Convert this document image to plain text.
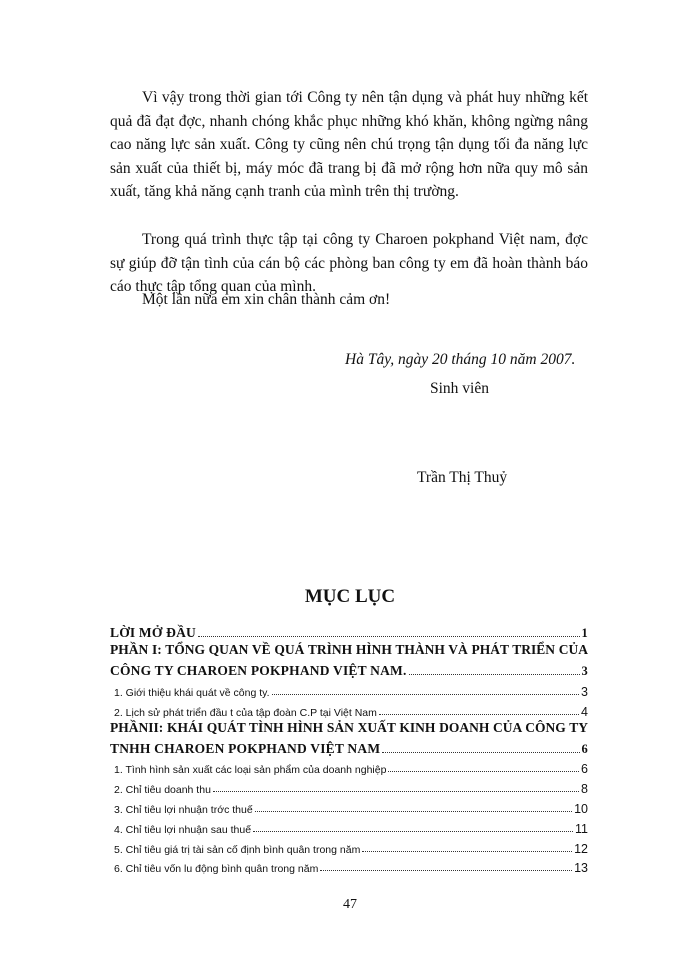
Vì vậy trong thời gian tới Công ty nên tận dụng và phát huy những kết quả đã đạt đợc, nhanh chóng khắc phục những khó khăn, không ngừng nâng cao năng lực sản xuất. Công ty cũng nên chú trọng tận dụng tối đa năng lực sản xuất của thiết bị, máy móc đã trang bị đã mở rộng hơn nữa quy mô sản xuất, tăng khả năng cạnh tranh của mình trên thị trường.

Trong quá trình thực tập tại công ty Charoen pokphand Việt nam, đợc sự giúp đỡ tận tình của cán bộ các phòng ban công ty em đã hoàn thành báo cáo thực tập tổng quan của mình.

Một lần nữa em xin chân thành cảm ơn!

Hà Tây, ngày 20 tháng 10 năm 2007.
Sinh viên
Trần Thị Thuỷ
MỤC LỤC
LỜI MỞ ĐẦU	1
PHẦN I: TỔNG QUAN VỀ QUÁ TRÌNH HÌNH THÀNH VÀ PHÁT TRIỂN CỦA
CÔNG TY CHAROEN POKPHAND VIỆT NAM.	3
1. Giới thiệu khái quát về công ty.	3
2. Lịch sử phát triển đầu t của tập đoàn C.P tại Việt Nam	4
PHẦNII: KHÁI QUÁT TÌNH HÌNH SẢN XUẤT KINH DOANH CỦA CÔNG TY
TNHH CHAROEN POKPHAND VIỆT NAM	6
1. Tình hình sản xuất các loại sản phẩm của doanh nghiệp	6
2. Chỉ tiêu doanh thu	8
3. Chỉ tiêu lợi nhuận trớc thuế	10
4. Chỉ tiêu lợi nhuận sau thuế	11
5. Chỉ tiêu giá trị tài sản cố định bình quân trong năm	12
6. Chỉ tiêu vốn lu động bình quân trong năm	13
47
